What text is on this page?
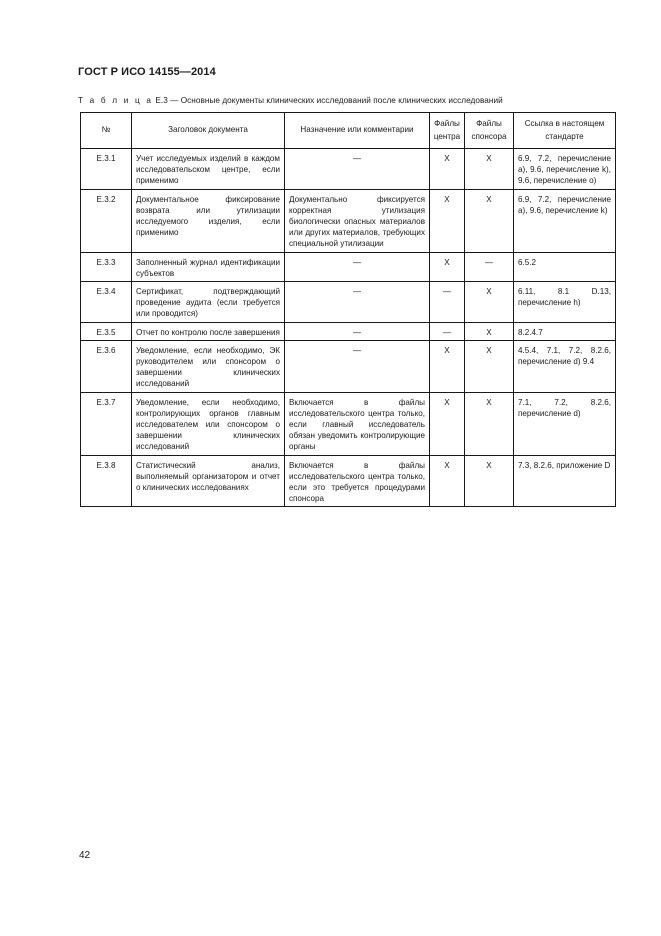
ГОСТ Р ИСО 14155—2014
Т а б л и ц а Е.3 — Основные документы клинических исследований после клинических исследований
№	Заголовок документа	Назначение или комментарии	Файлы центра	Файлы спонсора	Ссылка в настоящем стандарте
Е.3.1	Учет исследуемых изделий в каждом исследовательском центре, если применимо	—	X	X	6.9, 7.2, перечисление а), 9.6, перечисление k), 9.6, перечисление о)
Е.3.2	Документальное фиксирование возврата или утилизации исследуемого изделия, если применимо	Документально фиксируется корректная утилизация биологически опасных материалов или других материалов, требующих специальной утилизации	X	X	6.9, 7.2, перечисление а), 9.6, перечисление k)
Е.3.3	Заполненный журнал идентификации субъектов	—	X	—	6.5.2
Е.3.4	Сертификат, подтверждающий проведение аудита (если требуется или проводится)	—	—	X	6.11, 8.1 D.13, перечисление h)
Е.3.5	Отчет по контролю после завершения	—	—	X	8.2.4.7
Е.3.6	Уведомление, если необходимо, ЭК руководителем или спонсором о завершении клинических исследований	—	X	X	4.5.4, 7.1, 7.2, 8.2.6, перечисление d) 9.4
Е.3.7	Уведомление, если необходимо, контролирующих органов главным исследователем или спонсором о завершении клинических исследований	Включается в файлы исследовательского центра только, если главный исследователь обязан уведомить контролирующие органы	X	X	7.1, 7.2, 8.2.6, перечисление d)
Е.3.8	Статистический анализ, выполняемый организатором и отчет о клинических исследованиях	Включается в файлы исследовательского центра только, если это требуется процедурами спонсора	X	X	7.3, 8.2.6, приложение D
42
